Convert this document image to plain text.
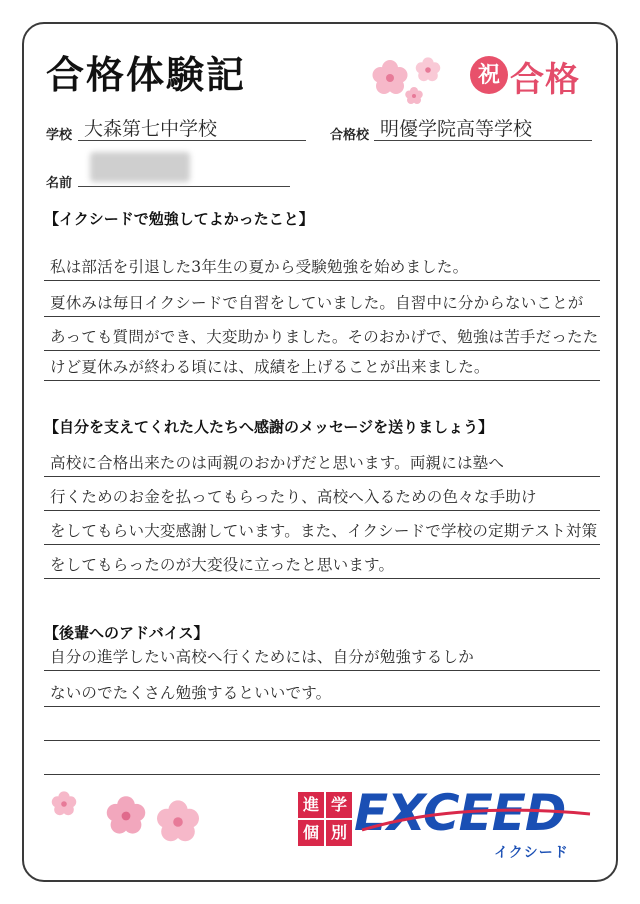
合格体験記	祝 合格
学校 大森第七中学校	合格校 明優学院高等学校
名前
【イクシードで勉強してよかったこと】
私は部活を引退した3年生の夏から受験勉強を始めました。
夏休みは毎日イクシードで自習をしていました。自習中に分からないことが
あっても質問ができ、大変助かりました。そのおかげで、勉強は苦手だったた
けど夏休みが終わる頃には、成績を上げることが出来ました。
【自分を支えてくれた人たちへ感謝のメッセージを送りましょう】
高校に合格出来たのは両親のおかげだと思います。両親には塾へ
行くためのお金を払ってもらったり、高校へ入るための色々な手助け
をしてもらい大変感謝しています。また、イクシードで学校の定期テスト対策
をしてもらったのが大変役に立ったと思います。
【後輩へのアドバイス】
自分の進学したい高校へ行くためには、自分が勉強するしか
ないのでたくさん勉強するといいです。
進 学
個 別 EXCEED
イクシード
